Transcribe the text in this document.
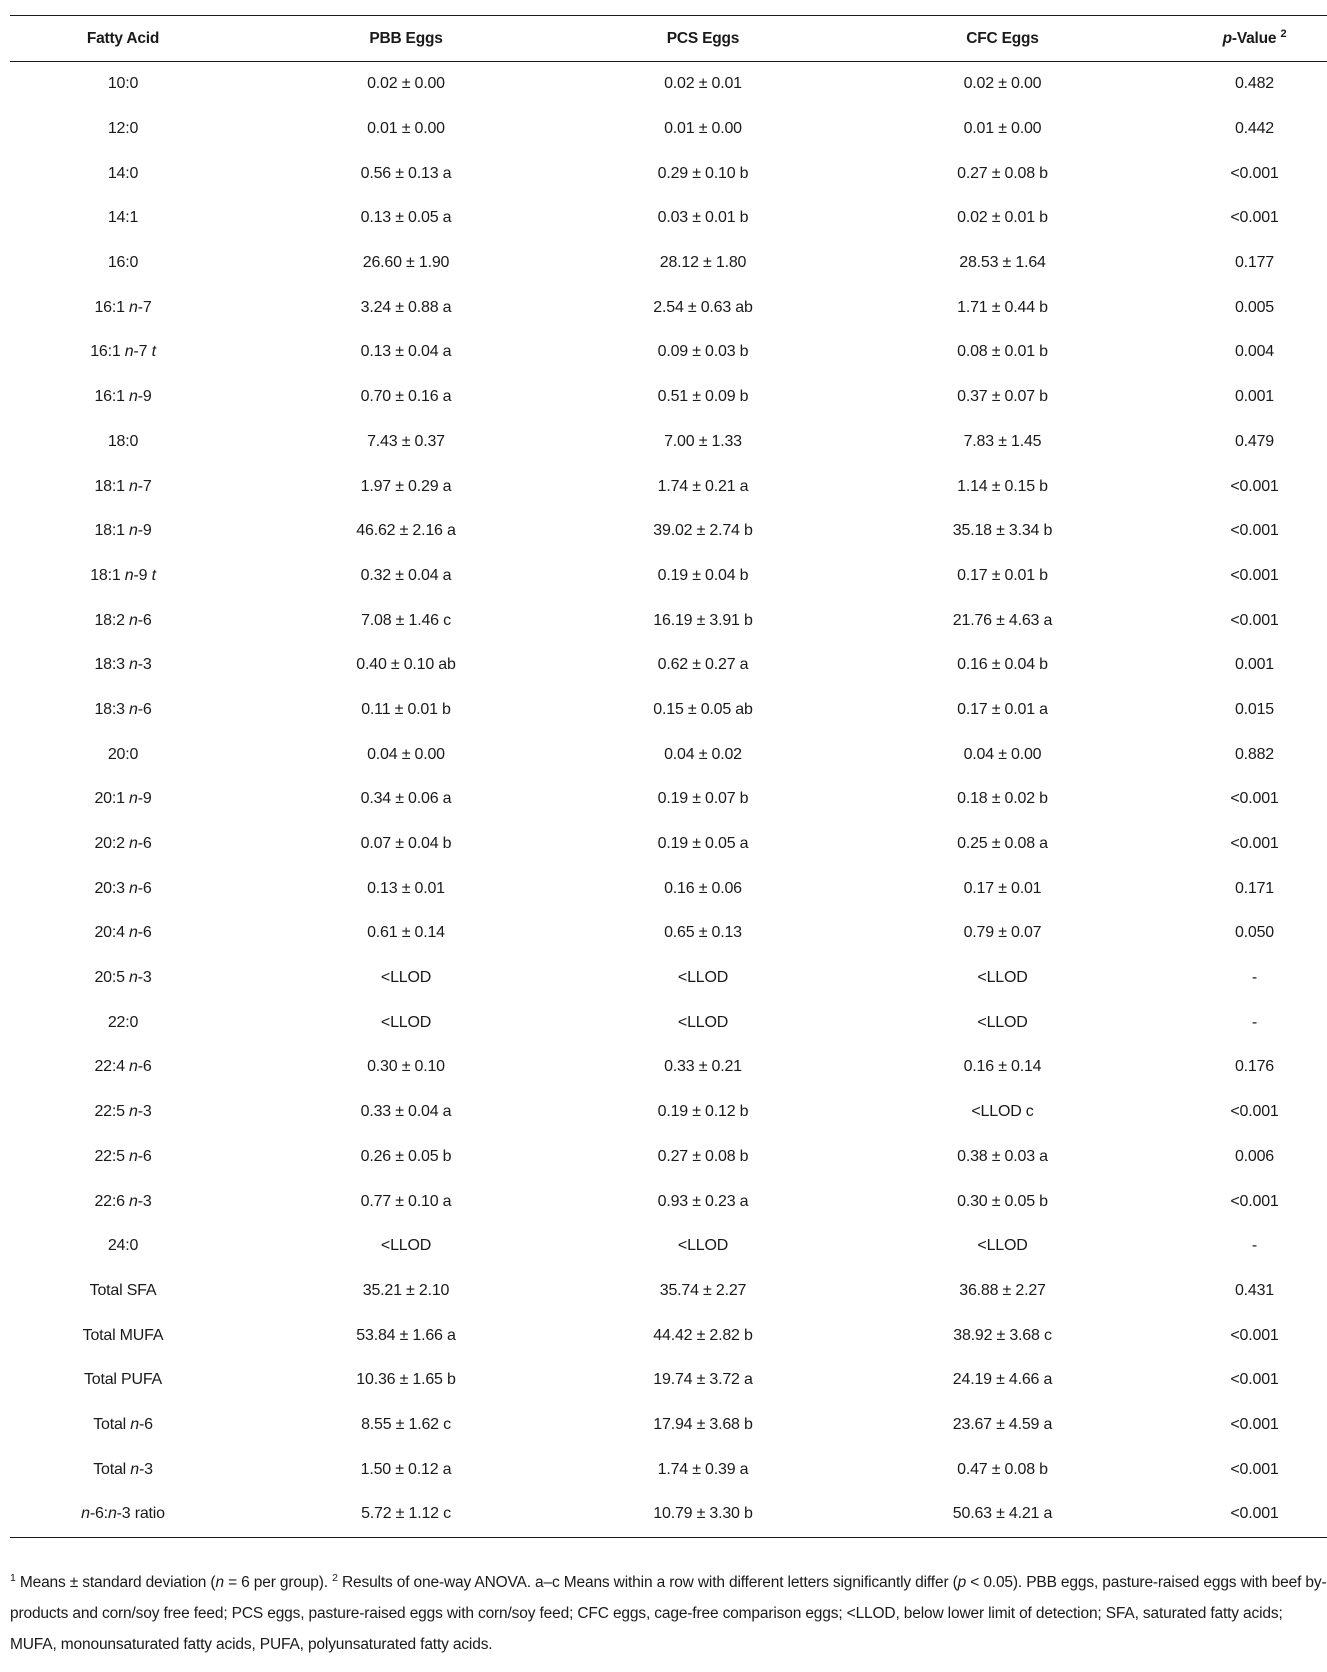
Fatty Acid	PBB Eggs	PCS Eggs	CFC Eggs	p-Value $^2$
10:0	0.02 ± 0.00	0.02 ± 0.01	0.02 ± 0.00	0.482
12:0	0.01 ± 0.00	0.01 ± 0.00	0.01 ± 0.00	0.442
14:0	0.56 ± 0.13 a	0.29 ± 0.10 b	0.27 ± 0.08 b	<0.001
14:1	0.13 ± 0.05 a	0.03 ± 0.01 b	0.02 ± 0.01 b	<0.001
16:0	26.60 ± 1.90	28.12 ± 1.80	28.53 ± 1.64	0.177
16:1 n-7	3.24 ± 0.88 a	2.54 ± 0.63 ab	1.71 ± 0.44 b	0.005
16:1 n-7 t	0.13 ± 0.04 a	0.09 ± 0.03 b	0.08 ± 0.01 b	0.004
16:1 n-9	0.70 ± 0.16 a	0.51 ± 0.09 b	0.37 ± 0.07 b	0.001
18:0	7.43 ± 0.37	7.00 ± 1.33	7.83 ± 1.45	0.479
18:1 n-7	1.97 ± 0.29 a	1.74 ± 0.21 a	1.14 ± 0.15 b	<0.001
18:1 n-9	46.62 ± 2.16 a	39.02 ± 2.74 b	35.18 ± 3.34 b	<0.001
18:1 n-9 t	0.32 ± 0.04 a	0.19 ± 0.04 b	0.17 ± 0.01 b	<0.001
18:2 n-6	7.08 ± 1.46 c	16.19 ± 3.91 b	21.76 ± 4.63 a	<0.001
18:3 n-3	0.40 ± 0.10 ab	0.62 ± 0.27 a	0.16 ± 0.04 b	0.001
18:3 n-6	0.11 ± 0.01 b	0.15 ± 0.05 ab	0.17 ± 0.01 a	0.015
20:0	0.04 ± 0.00	0.04 ± 0.02	0.04 ± 0.00	0.882
20:1 n-9	0.34 ± 0.06 a	0.19 ± 0.07 b	0.18 ± 0.02 b	<0.001
20:2 n-6	0.07 ± 0.04 b	0.19 ± 0.05 a	0.25 ± 0.08 a	<0.001
20:3 n-6	0.13 ± 0.01	0.16 ± 0.06	0.17 ± 0.01	0.171
20:4 n-6	0.61 ± 0.14	0.65 ± 0.13	0.79 ± 0.07	0.050
20:5 n-3	<LLOD	<LLOD	<LLOD	-
22:0	<LLOD	<LLOD	<LLOD	-
22:4 n-6	0.30 ± 0.10	0.33 ± 0.21	0.16 ± 0.14	0.176
22:5 n-3	0.33 ± 0.04 a	0.19 ± 0.12 b	<LLOD c	<0.001
22:5 n-6	0.26 ± 0.05 b	0.27 ± 0.08 b	0.38 ± 0.03 a	0.006
22:6 n-3	0.77 ± 0.10 a	0.93 ± 0.23 a	0.30 ± 0.05 b	<0.001
24:0	<LLOD	<LLOD	<LLOD	-
Total SFA	35.21 ± 2.10	35.74 ± 2.27	36.88 ± 2.27	0.431
Total MUFA	53.84 ± 1.66 a	44.42 ± 2.82 b	38.92 ± 3.68 c	<0.001
Total PUFA	10.36 ± 1.65 b	19.74 ± 3.72 a	24.19 ± 4.66 a	<0.001
Total n-6	8.55 ± 1.62 c	17.94 ± 3.68 b	23.67 ± 4.59 a	<0.001
Total n-3	1.50 ± 0.12 a	1.74 ± 0.39 a	0.47 ± 0.08 b	<0.001
n-6:n-3 ratio	5.72 ± 1.12 c	10.79 ± 3.30 b	50.63 ± 4.21 a	<0.001
$^1$ Means ± standard deviation (n = 6 per group). $^2$ Results of one-way ANOVA. a–c Means within a row with different letters significantly differ (p < 0.05). PBB eggs, pasture-raised eggs with beef by-products and corn/soy free feed; PCS eggs, pasture-raised eggs with corn/soy feed; CFC eggs, cage-free comparison eggs; <LLOD, below lower limit of detection; SFA, saturated fatty acids; MUFA, monounsaturated fatty acids, PUFA, polyunsaturated fatty acids.
